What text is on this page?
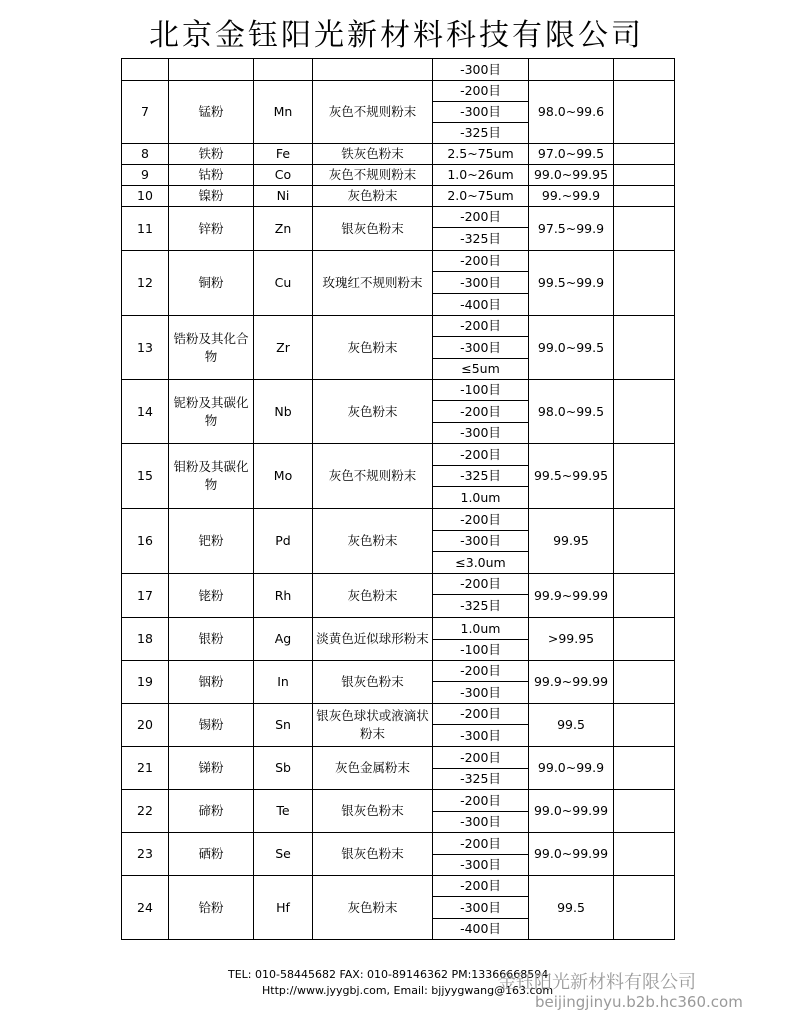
北京金钰阳光新材料科技有限公司
				-300目		
7	锰粉	Mn	灰色不规则粉末	-200目	98.0~99.6	
				-300目		
				-325目		
8	铁粉	Fe	铁灰色粉末	2.5~75um	97.0~99.5	
9	钴粉	Co	灰色不规则粉末	1.0~26um	99.0~99.95	
10	镍粉	Ni	灰色粉末	2.0~75um	99.~99.9	
11	锌粉	Zn	银灰色粉末	-200目	97.5~99.9	
				-325目		
12	铜粉	Cu	玫瑰红不规则粉末	-200目	99.5~99.9	
				-300目		
				-400目		
13	锆粉及其化合物	Zr	灰色粉末	-200目	99.0~99.5	
				-300目		
				≤5um		
14	铌粉及其碳化物	Nb	灰色粉末	-100目	98.0~99.5	
				-200目		
				-300目		
15	钼粉及其碳化物	Mo	灰色不规则粉末	-200目	99.5~99.95	
				-325目		
				1.0um		
16	钯粉	Pd	灰色粉末	-200目	99.95	
				-300目		
				≤3.0um		
17	铑粉	Rh	灰色粉末	-200目	99.9~99.99	
				-325目		
18	银粉	Ag	淡黄色近似球形粉末	1.0um	>99.95	
				-100目		
19	铟粉	In	银灰色粉末	-200目	99.9~99.99	
				-300目		
20	锡粉	Sn	银灰色球状或液滴状粉末	-200目	99.5	
				-300目		
21	锑粉	Sb	灰色金属粉末	-200目	99.0~99.9	
				-325目		
22	碲粉	Te	银灰色粉末	-200目	99.0~99.99	
				-300目		
23	硒粉	Se	银灰色粉末	-200目	99.0~99.99	
				-300目		
24	铪粉	Hf	灰色粉末	-200目	99.5	
				-300目		
				-400目		
TEL: 010-58445682 FAX: 010-89146362 PM:13366668594
Http://www.jyygbj.com, Email: bjjyygwang@163.com
金钰阳光新材料有限公司
beijingjinyu.b2b.hc360.com
